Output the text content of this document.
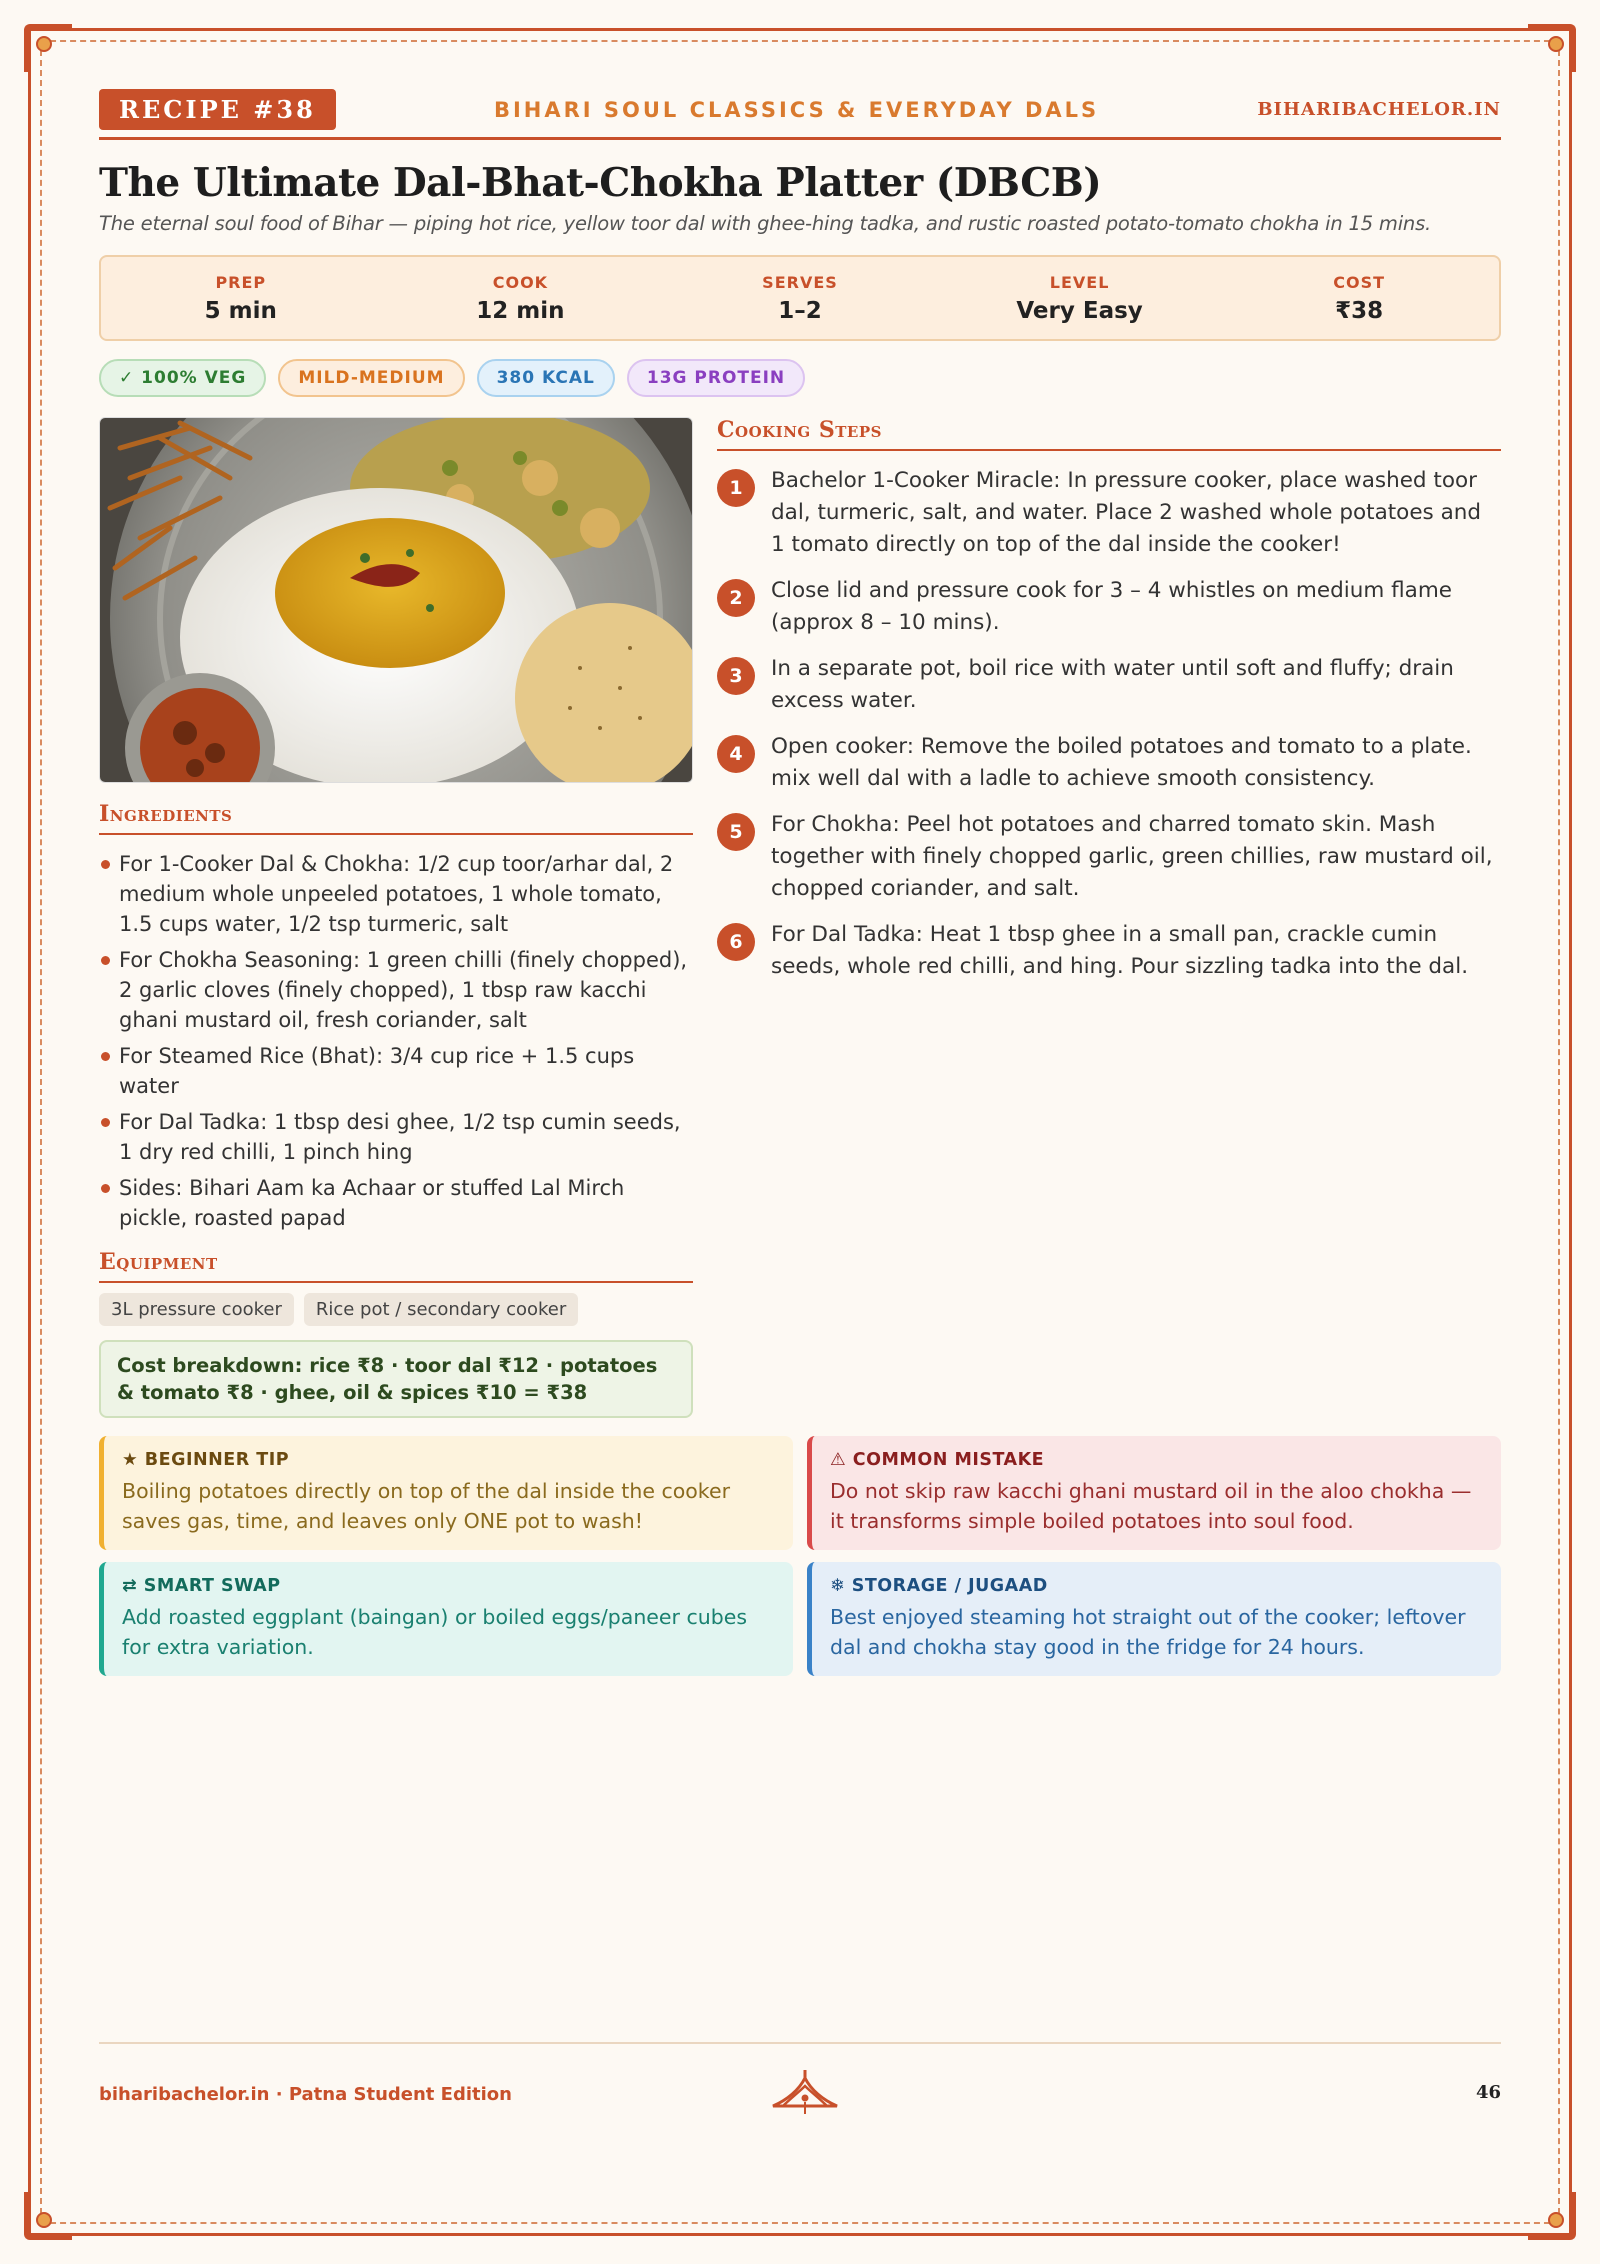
RECIPE #38	BIHARI SOUL CLASSICS & EVERYDAY DALS	BIHARIBACHELOR.IN
The Ultimate Dal-Bhat-Chokha Platter (DBCB)

The eternal soul food of Bihar — piping hot rice, yellow toor dal with ghee-hing tadka, and rustic roasted potato-tomato chokha in 15 mins.

PREP
5 min
COOK
12 min
SERVES
1–2
LEVEL
Very Easy
COST
₹38
✓ 100% VEG	MILD-MEDIUM	380 KCAL	13G PROTEIN
Ingredients
For 1-Cooker Dal & Chokha: 1/2 cup toor/arhar dal, 2 medium whole unpeeled potatoes, 1 whole tomato, 1.5 cups water, 1/2 tsp turmeric, salt
For Chokha Seasoning: 1 green chilli (finely chopped), 2 garlic cloves (finely chopped), 1 tbsp raw kacchi ghani mustard oil, fresh coriander, salt
For Steamed Rice (Bhat): 3/4 cup rice + 1.5 cups water
For Dal Tadka: 1 tbsp desi ghee, 1/2 tsp cumin seeds, 1 dry red chilli, 1 pinch hing
Sides: Bihari Aam ka Achaar or stuffed Lal Mirch pickle, roasted papad
Equipment
3L pressure cooker	Rice pot / secondary cooker
Cost breakdown: rice ₹8 · toor dal ₹12 · potatoes & tomato ₹8 · ghee, oil & spices ₹10 = ₹38
Cooking Steps
1	Bachelor 1-Cooker Miracle: In pressure cooker, place washed toor dal, turmeric, salt, and water. Place 2 washed whole potatoes and 1 tomato directly on top of the dal inside the cooker!
2	Close lid and pressure cook for 3 – 4 whistles on medium flame (approx 8 – 10 mins).
3	In a separate pot, boil rice with water until soft and fluffy; drain excess water.
4	Open cooker: Remove the boiled potatoes and tomato to a plate. mix well dal with a ladle to achieve smooth consistency.
5	For Chokha: Peel hot potatoes and charred tomato skin. Mash together with finely chopped garlic, green chillies, raw mustard oil, chopped coriander, and salt.
6	For Dal Tadka: Heat 1 tbsp ghee in a small pan, crackle cumin seeds, whole red chilli, and hing. Pour sizzling tadka into the dal.
★ BEGINNER TIP
Boiling potatoes directly on top of the dal inside the cooker saves gas, time, and leaves only ONE pot to wash!
⚠ COMMON MISTAKE
Do not skip raw kacchi ghani mustard oil in the aloo chokha — it transforms simple boiled potatoes into soul food.
⇄ SMART SWAP
Add roasted eggplant (baingan) or boiled eggs/paneer cubes for extra variation.
❄ STORAGE / JUGAAD
Best enjoyed steaming hot straight out of the cooker; leftover dal and chokha stay good in the fridge for 24 hours.
biharibachelor.in · Patna Student Edition	46
